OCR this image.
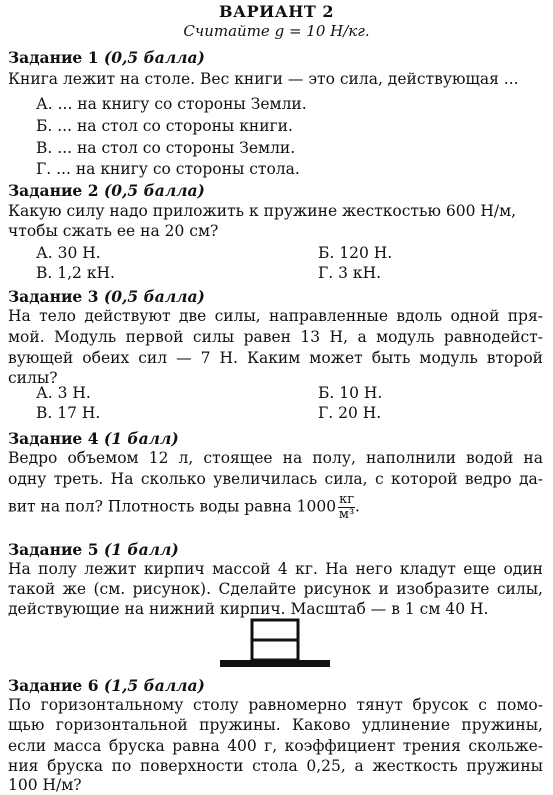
ВАРИАНТ 2
Считайте g = 10 Н/кг.
Задание 1 (0,5 балла)
Книга лежит на столе. Вес книги — это сила, действующая ...
А. ... на книгу со стороны Земли.
Б. ... на стол со стороны книги.
В. ... на стол со стороны Земли.
Г. ... на книгу со стороны стола.
Задание 2 (0,5 балла)
Какую силу надо приложить к пружине жесткостью 600 Н/м,
чтобы сжать ее на 20 см?
А. 30 Н.	Б. 120 Н.
В. 1,2 кН.	Г. 3 кН.
Задание 3 (0,5 балла)
На тело действуют две силы, направленные вдоль одной пря-
мой. Модуль первой силы равен 13 Н, а модуль равнодейст-
вующей обеих сил — 7 Н. Каким может быть модуль второй
силы?
А. 3 Н.	Б. 10 Н.
В. 17 Н.	Г. 20 Н.
Задание 4 (1 балл)
Ведро объемом 12 л, стоящее на полу, наполнили водой на
одну треть. На сколько увеличилась сила, с которой ведро да-
вит на пол? Плотность воды равна $1000 \frac{кг}{\text{м³}}$ .
Задание 5 (1 балл)
На полу лежит кирпич массой 4 кг. На него кладут еще один
такой же (см. рисунок). Сделайте рисунок и изобразите силы,
действующие на нижний кирпич. Масштаб — в 1 см 40 Н.
Задание 6 (1,5 балла)
По горизонтальному столу равномерно тянут брусок с помо-
щью горизонтальной пружины. Каково удлинение пружины,
если масса бруска равна 400 г, коэффициент трения скольже-
ния бруска по поверхности стола 0,25, а жесткость пружины
100 Н/м?
